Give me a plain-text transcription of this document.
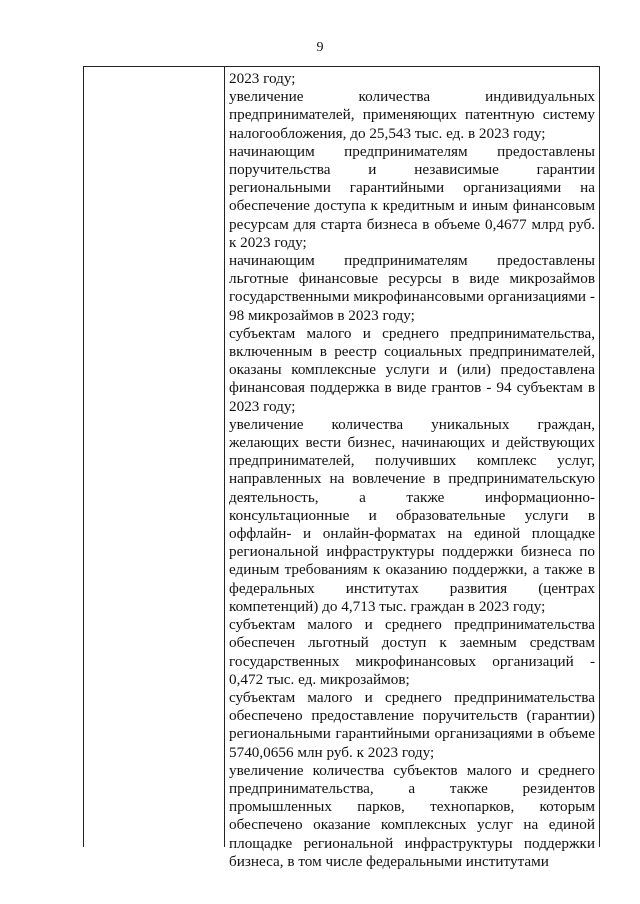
9

2023 году;

увеличение количества индивидуальных предпринимателей, применяющих патентную систему налогообложения, до 25,543 тыс. ед. в 2023 году;

начинающим предпринимателям предоставлены поручительства и независимые гарантии региональными гарантийными организациями на обеспечение доступа к кредитным и иным финансовым ресурсам для старта бизнеса в объеме 0,4677 млрд руб. к 2023 году;

начинающим предпринимателям предоставлены льготные финансовые ресурсы в виде микрозаймов государственными микрофинансовыми организациями - 98 микрозаймов в 2023 году;

субъектам малого и среднего предпринимательства, включенным в реестр социальных предпринимателей, оказаны комплексные услуги и (или) предоставлена финансовая поддержка в виде грантов - 94 субъектам в 2023 году;

увеличение количества уникальных граждан, желающих вести бизнес, начинающих и действующих предпринимателей, получивших комплекс услуг, направленных на вовлечение в предпринимательскую деятельность, а также информационно-консультационные и образовательные услуги в оффлайн- и онлайн-форматах на единой площадке региональной инфраструктуры поддержки бизнеса по единым требованиям к оказанию поддержки, а также в федеральных институтах развития (центрах компетенций) до 4,713 тыс. граждан в 2023 году;

субъектам малого и среднего предпринимательства обеспечен льготный доступ к заемным средствам государственных микрофинансовых организаций - 0,472 тыс. ед. микрозаймов;

субъектам малого и среднего предпринимательства обеспечено предоставление поручительств (гарантии) региональными гарантийными организациями в объеме 5740,0656 млн руб. к 2023 году;

увеличение количества субъектов малого и среднего предпринимательства, а также резидентов промышленных парков, технопарков, которым обеспечено оказание комплексных услуг на единой площадке региональной инфраструктуры поддержки бизнеса, в том числе федеральными институтами
